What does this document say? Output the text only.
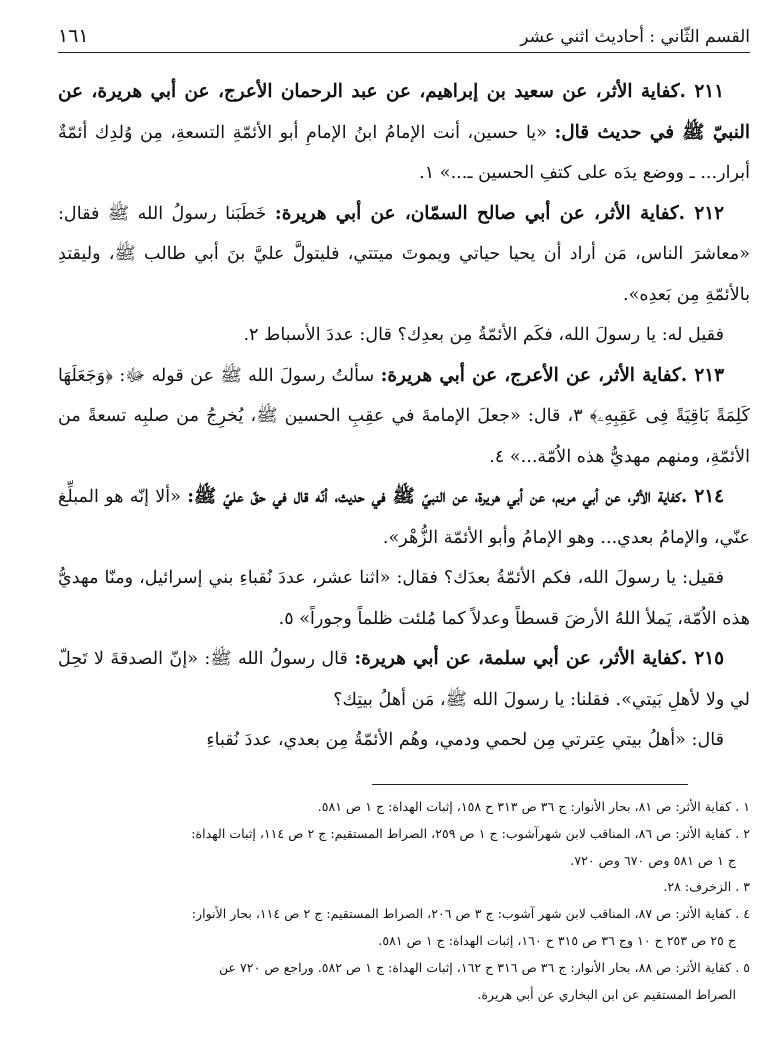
القسم الثّاني : أحاديث اثني عشر
١٦١

٢١١ .كفاية الأثر، عن سعيد بن إبراهيم، عن عبد الرحمان الأعرج، عن أبي هريرة، عن النبيّ ﷺ في حديث قال: «يا حسين، أنت الإمامُ ابنُ الإمامِ أبو الأئمّةِ التسعةِ، مِن وُلدِك أئمّةٌ أبرار... ـ ووضع يدَه على كتفِ الحسين ـ...» ١.

٢١٢ .كفاية الأثر، عن أبي صالح السمّان، عن أبي هريرة: خَطَبَنا رسولُ الله ﷺ فقال: «معاشرَ الناس، مَن أراد أن يحيا حياتي ويموتَ ميتتي، فليتولَّ عليَّ بنَ أبي طالب ﷺ، وليقتدِ بالأئمّةِ مِن بَعدِه».

فقيل له: يا رسولَ الله، فكَم الأئمّةُ مِن بعدِك؟ قال: عددَ الأسباط ٢.

٢١٣ .كفاية الأثر، عن الأعرج، عن أبي هريرة: سألتُ رسولَ الله ﷺ عن قوله ﷻ: ﴿وَجَعَلَهَا كَلِمَةً بَاقِيَةً فِى عَقِبِهِۦ﴾ ٣، قال: «جعلَ الإمامةَ في عقِبِ الحسين ﷺ، يُخرِجُ من صلبِه تسعةً من الأئمّةِ، ومنهم مهديُّ هذه الاُمّة...» ٤.

٢١٤ .كفاية الأثر، عن أبي مريم، عن أبي هريرة، عن النبيّ ﷺ في حديث، أنّه قال في حقّ عليّ ﷺ: «ألا إنّه هو المبلِّغ عنّي، والإمامُ بعدي... وهو الإمامُ وأبو الأئمّة الزُّهْر».

فقيل: يا رسولَ الله، فكم الأئمّةُ بعدَك؟ فقال: «اثنا عشر، عددَ نُقباءِ بني إسرائيل، ومنّا مهديُّ هذه الاُمّة، يَملأ اللهُ الأرضَ قسطاً وعدلاً كما مُلئت ظلماً وجوراً» ٥.

٢١٥ .كفاية الأثر، عن أبي سلمة، عن أبي هريرة: قال رسولُ الله ﷺ: «إنّ الصدقةَ لا تَحِلّ لي ولا لأهلِ بَيتي». فقلنا: يا رسولَ الله ﷺ، مَن أهلُ بيتِك؟

قال: «أهلُ بيتي عِترتي مِن لحمي ودمي، وهُم الأئمّةُ مِن بعدي، عددَ نُقباءِ

١ . كفاية الأثر: ص ٨١، بحار الأنوار: ج ٣٦ ص ٣١٣ ح ١٥٨، إثبات الهداة: ج ١ ص ٥٨١.

٢ . كفاية الأثر: ص ٨٦، المناقب لابن شهرآشوب: ج ١ ص ٢٥٩، الصراط المستقيم: ج ٢ ص ١١٤، إثبات الهداة:

ج ١ ص ٥٨١ وص ٦٧٠ وص ٧٢٠.

٣ . الزخرف: ٢٨.

٤ . كفاية الأثر: ص ٨٧، المناقب لابن شهر آشوب: ج ٣ ص ٢٠٦، الصراط المستقيم: ج ٢ ص ١١٤، بحار الأنوار:

ج ٢٥ ص ٢٥٣ ح ١٠ وج ٣٦ ص ٣١٥ ح ١٦٠، إثبات الهداة: ج ١ ص ٥٨١.

٥ . كفاية الأثر: ص ٨٨، بحار الأنوار: ج ٣٦ ص ٣١٦ ح ١٦٢، إثبات الهداة: ج ١ ص ٥٨٢. وراجع ص ٧٢٠ عن

الصراط المستقيم عن ابن البخاري عن أبي هريرة.
